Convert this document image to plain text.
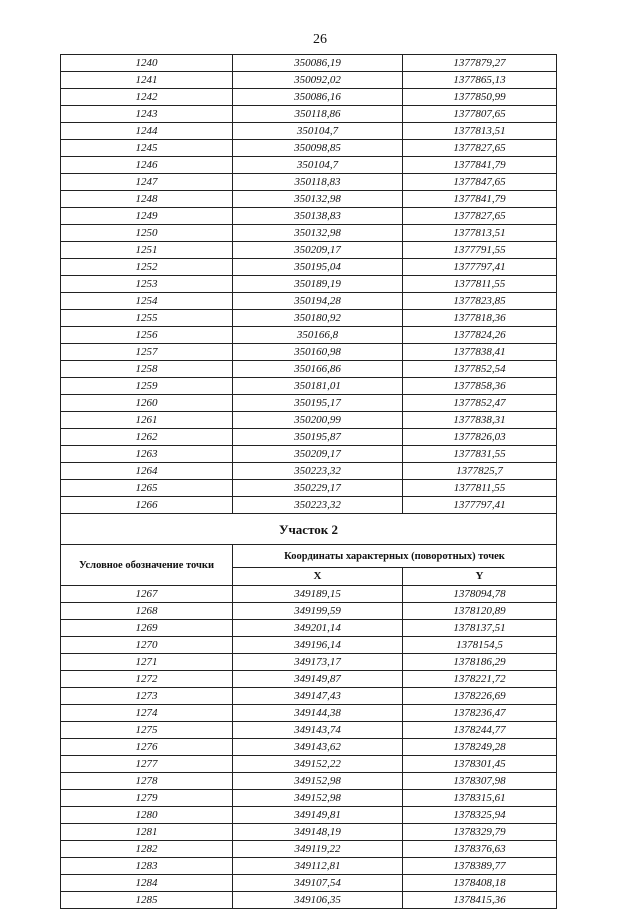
26
1240	350086,19	1377879,27
1241	350092,02	1377865,13
1242	350086,16	1377850,99
1243	350118,86	1377807,65
1244	350104,7	1377813,51
1245	350098,85	1377827,65
1246	350104,7	1377841,79
1247	350118,83	1377847,65
1248	350132,98	1377841,79
1249	350138,83	1377827,65
1250	350132,98	1377813,51
1251	350209,17	1377791,55
1252	350195,04	1377797,41
1253	350189,19	1377811,55
1254	350194,28	1377823,85
1255	350180,92	1377818,36
1256	350166,8	1377824,26
1257	350160,98	1377838,41
1258	350166,86	1377852,54
1259	350181,01	1377858,36
1260	350195,17	1377852,47
1261	350200,99	1377838,31
1262	350195,87	1377826,03
1263	350209,17	1377831,55
1264	350223,32	1377825,7
1265	350229,17	1377811,55
1266	350223,32	1377797,41
Участок 2		
Условное обозначение точки	Координаты характерных (поворотных) точек	
	X	Y
1267	349189,15	1378094,78
1268	349199,59	1378120,89
1269	349201,14	1378137,51
1270	349196,14	1378154,5
1271	349173,17	1378186,29
1272	349149,87	1378221,72
1273	349147,43	1378226,69
1274	349144,38	1378236,47
1275	349143,74	1378244,77
1276	349143,62	1378249,28
1277	349152,22	1378301,45
1278	349152,98	1378307,98
1279	349152,98	1378315,61
1280	349149,81	1378325,94
1281	349148,19	1378329,79
1282	349119,22	1378376,63
1283	349112,81	1378389,77
1284	349107,54	1378408,18
1285	349106,35	1378415,36
